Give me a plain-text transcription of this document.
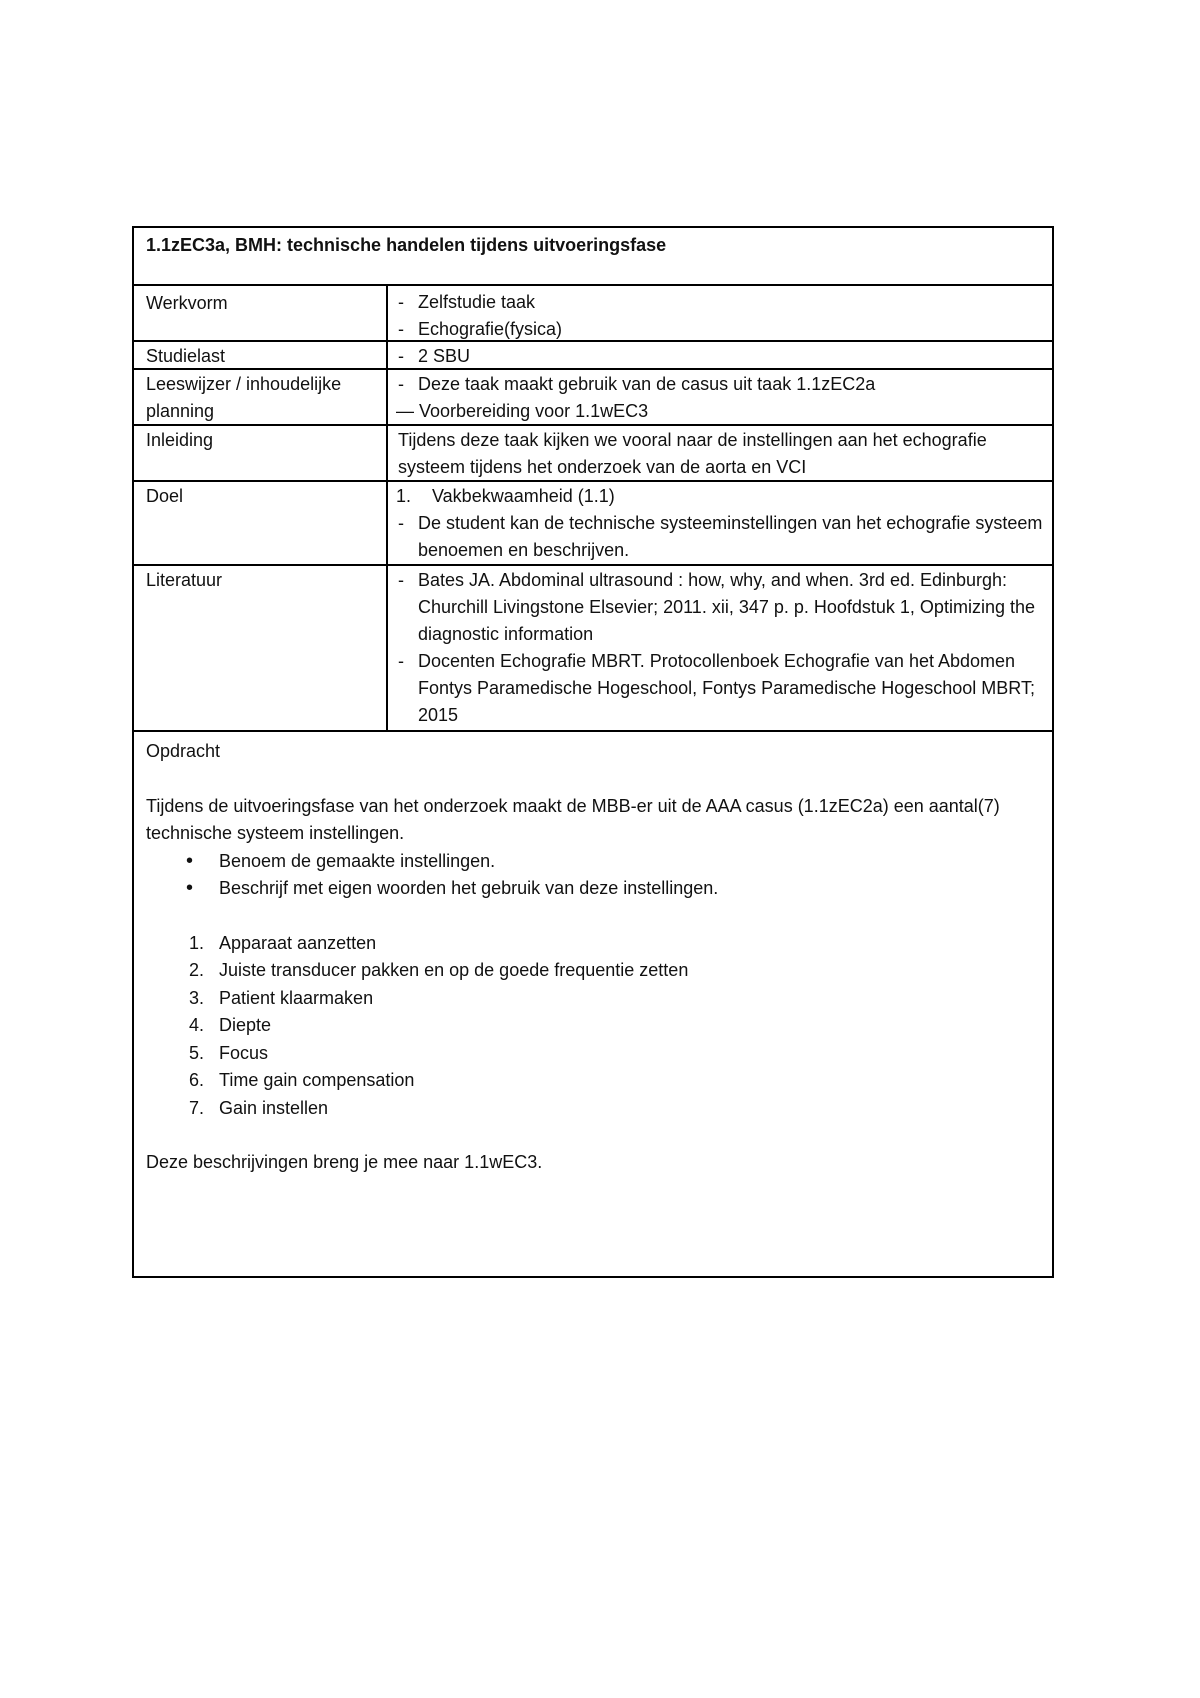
1.1zEC3a, BMH: technische handelen tijdens uitvoeringsfase
Werkvorm	- Zelfstudie taak
- Echografie(fysica)
Studielast	- 2 SBU
Leeswijzer / inhoudelijke planning
- Deze taak maakt gebruik van de casus uit taak 1.1zEC2a
— Voorbereiding voor 1.1wEC3
Inleiding	Tijdens deze taak kijken we vooral naar de instellingen aan het echografie systeem tijdens het onderzoek van de aorta en VCI
Doel	1.	Vakbekwaamheid (1.1)
- De student kan de technische systeeminstellingen van het echografie systeem benoemen en beschrijven.
Literatuur	- Bates JA. Abdominal ultrasound : how, why, and when. 3rd ed. Edinburgh: Churchill Livingstone Elsevier; 2011. xii, 347 p. p. Hoofdstuk 1, Optimizing the diagnostic information
- Docenten Echografie MBRT. Protocollenboek Echografie van het Abdomen Fontys Paramedische Hogeschool, Fontys Paramedische Hogeschool MBRT; 2015
Opdracht
Tijdens de uitvoeringsfase van het onderzoek maakt de MBB-er uit de AAA casus (1.1zEC2a) een aantal(7) technische systeem instellingen.
• Benoem de gemaakte instellingen.
• Beschrijf met eigen woorden het gebruik van deze instellingen.
1. Apparaat aanzetten
2. Juiste transducer pakken en op de goede frequentie zetten
3. Patient klaarmaken
4. Diepte
5. Focus
6. Time gain compensation
7. Gain instellen
Deze beschrijvingen breng je mee naar 1.1wEC3.
